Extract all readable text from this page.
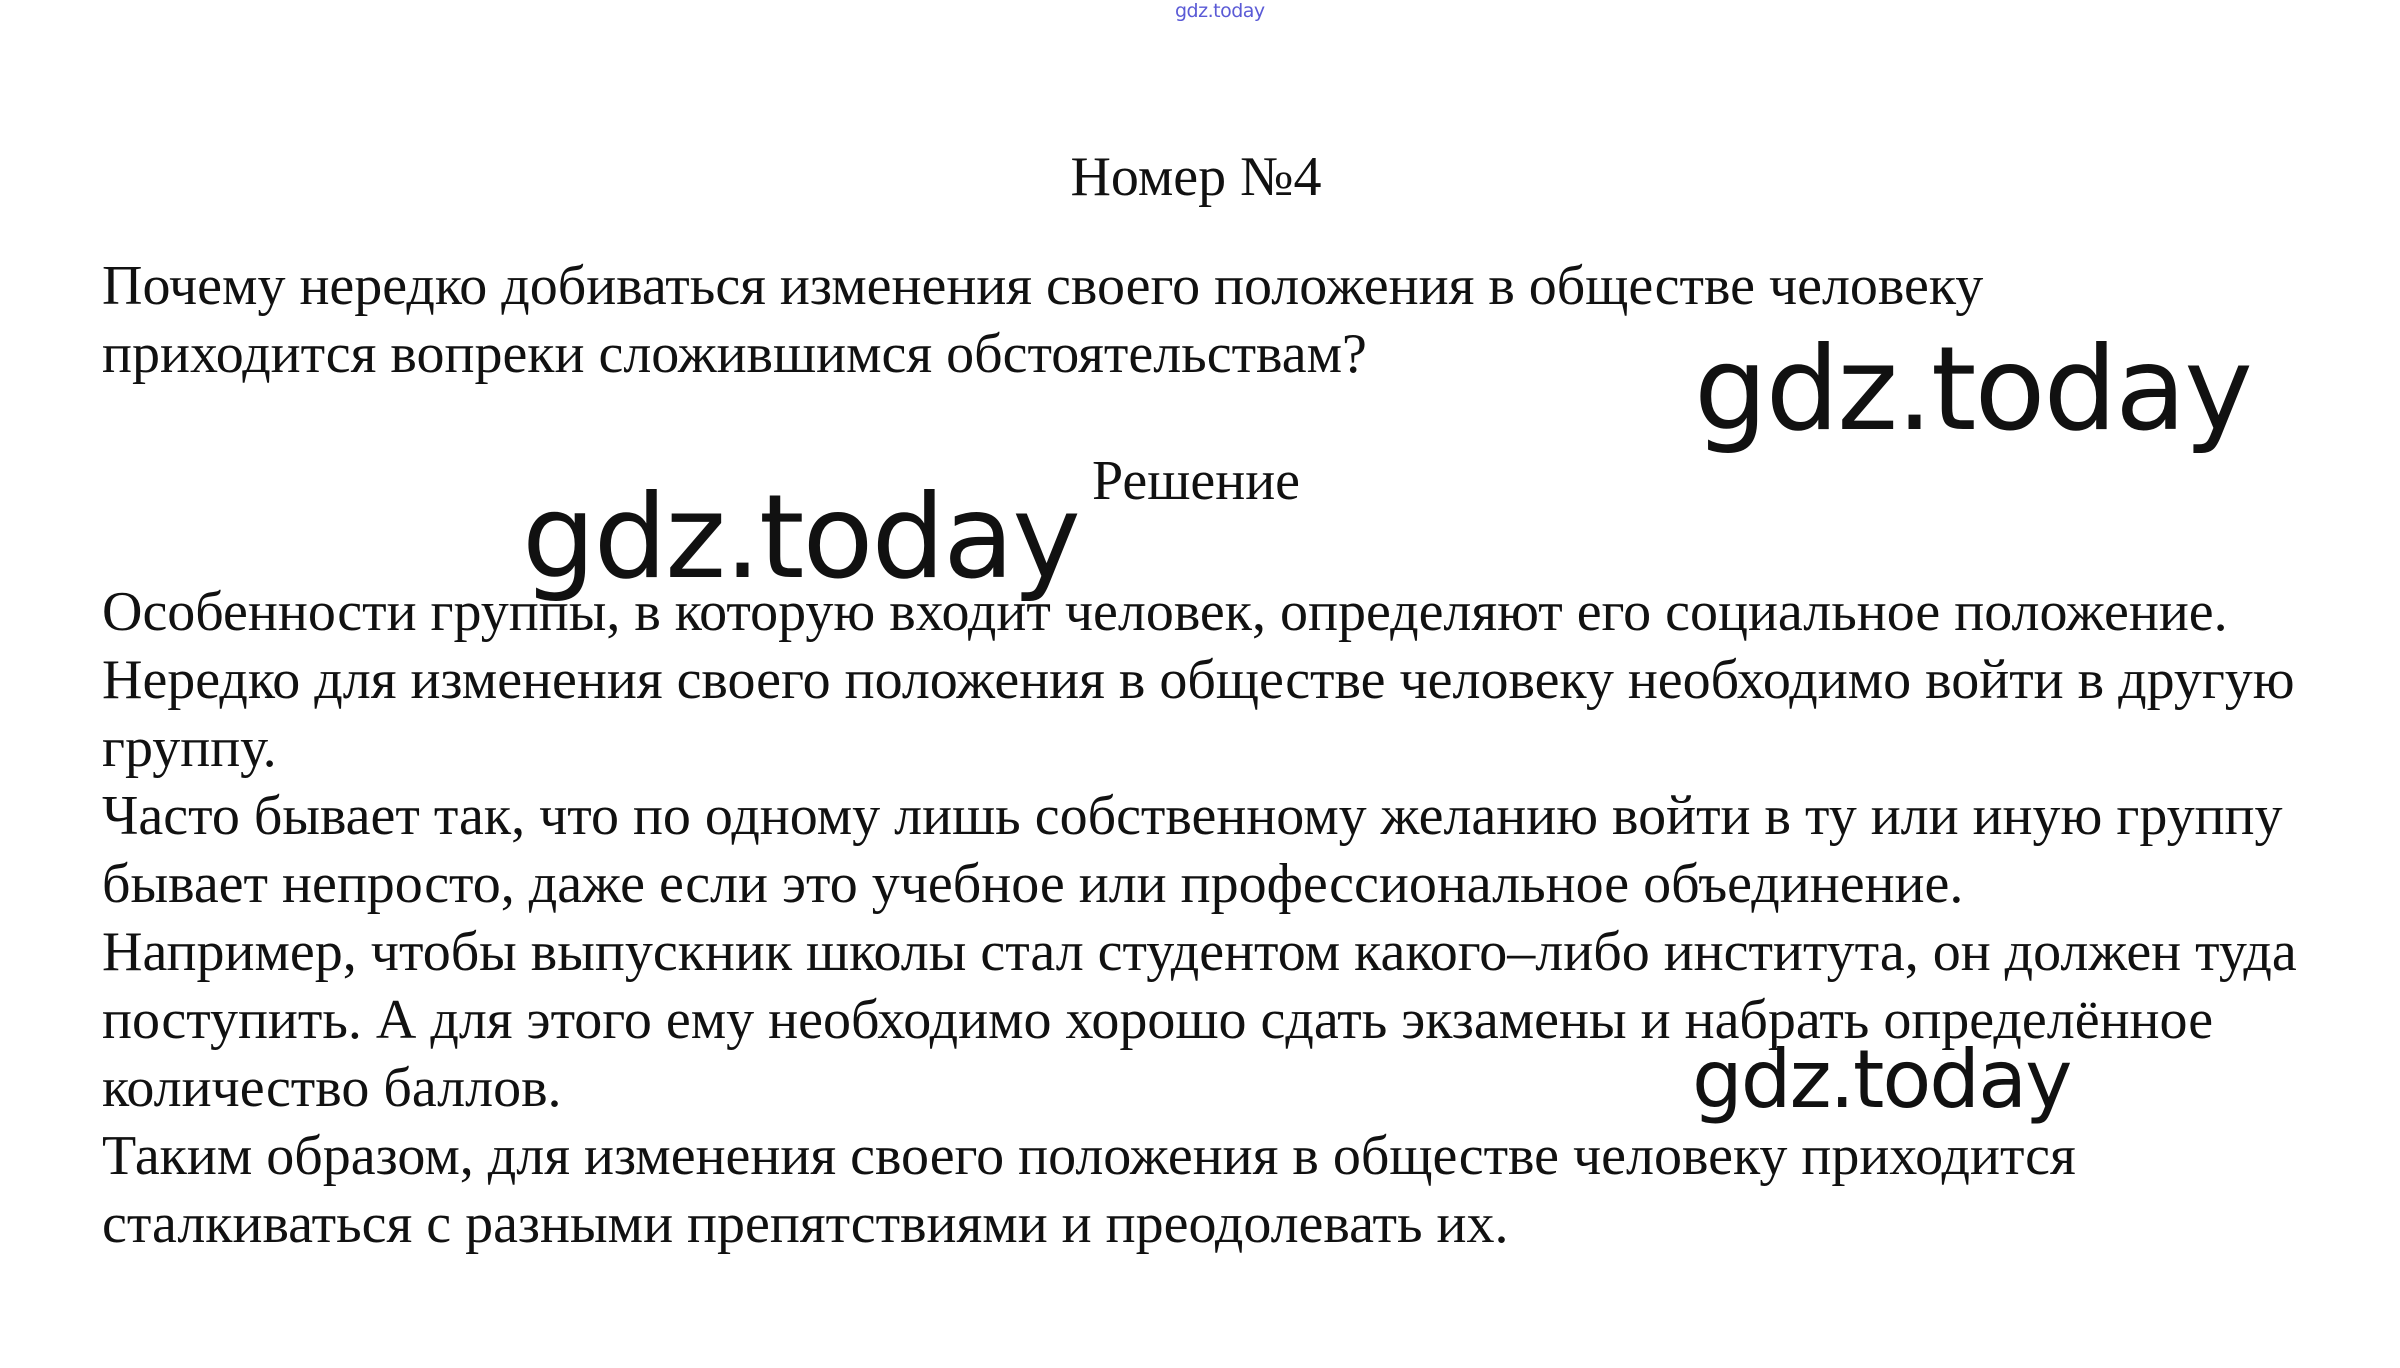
gdz.today
Номер №4

Почему нередко добиваться изменения своего положения в обществе человеку приходится вопреки сложившимся обстоятельствам?	gdz.today
Решение
gdz.today

Особенности группы, в которую входит человек, определяют его социальное положение. Нередко для изменения своего положения в обществе человеку необходимо войти в другую группу.

Часто бывает так, что по одному лишь собственному желанию войти в ту или иную группу бывает непросто, даже если это учебное или профессиональное объединение.

Например, чтобы выпускник школы стал студентом какого–либо института, он должен туда поступить. А для этого ему необходимо хорошо сдать экзамены и набрать определённое количество баллов.

Таким образом, для изменения своего положения в обществе человеку приходится сталкиваться с разными препятствиями и преодолевать их.

gdz.today
